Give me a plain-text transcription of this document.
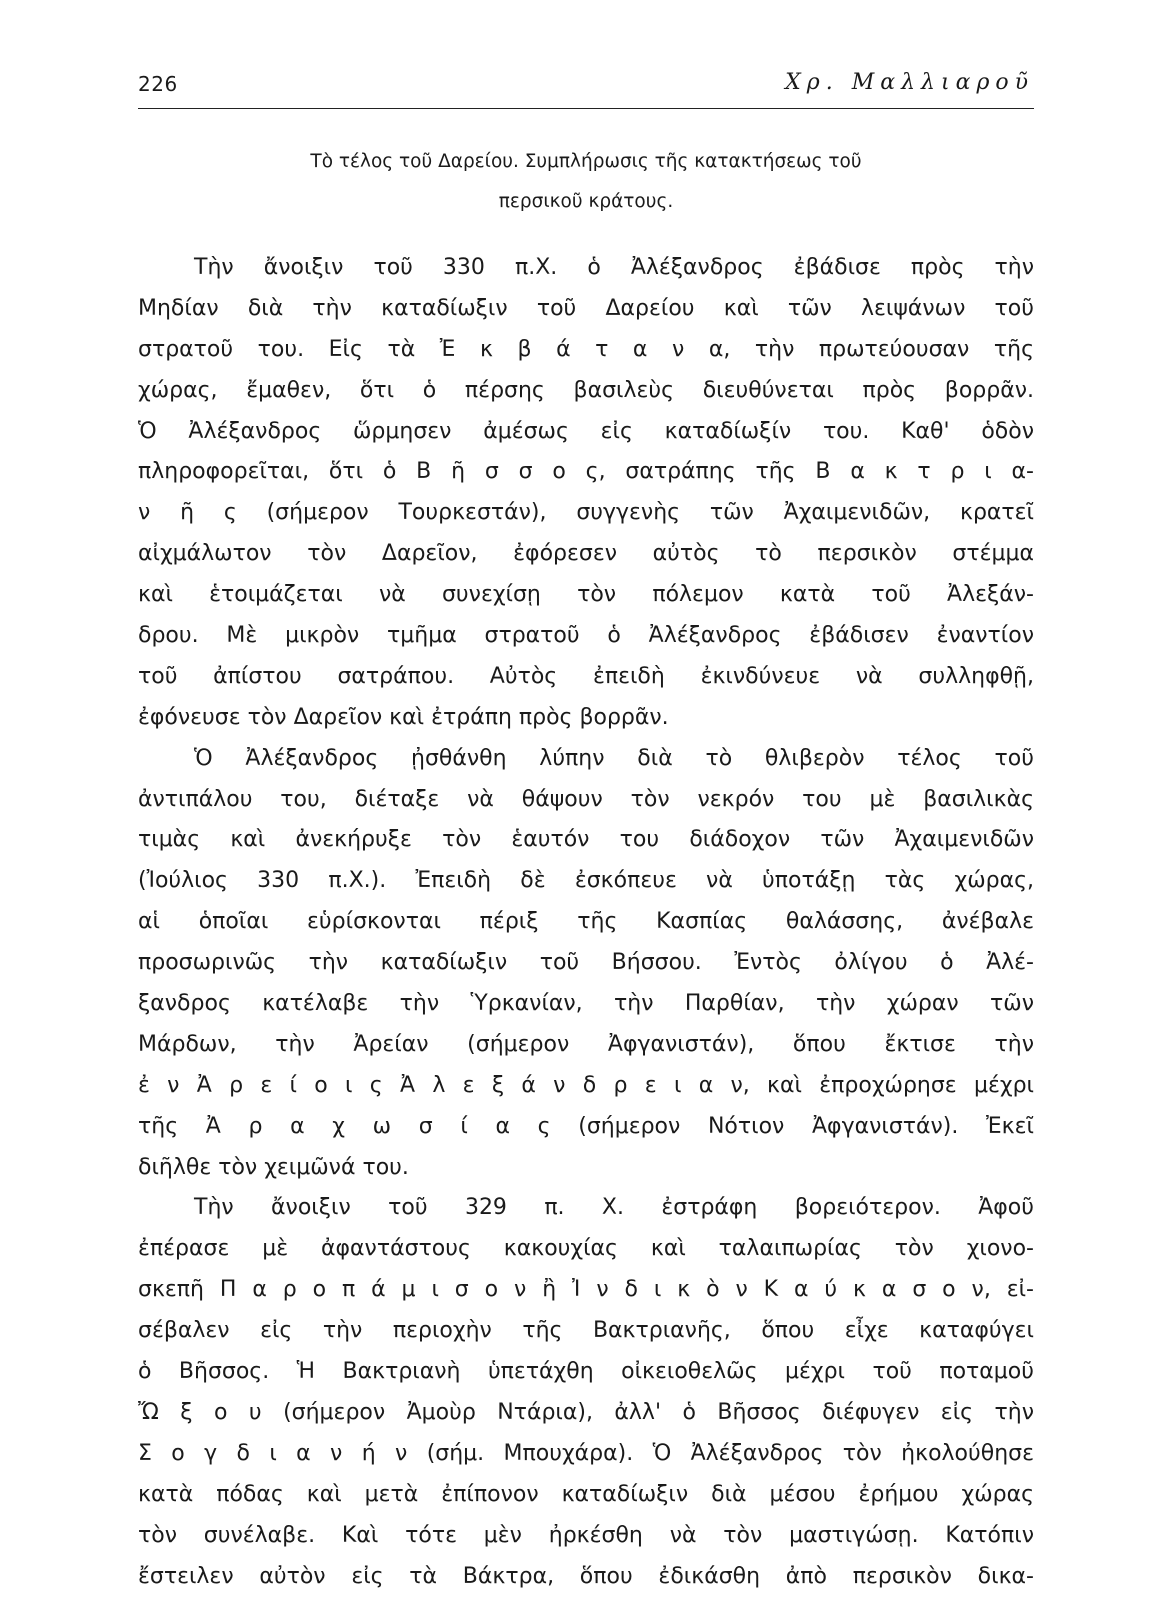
226	Χρ. Μαλλιαροῦ
Τὸ τέλος τοῦ Δαρείου. Συμπλήρωσις τῆς κατακτήσεως τοῦ
περσικοῦ κράτους.
Τὴν ἄνοιξιν τοῦ 330 π.Χ. ὁ Ἀλέξανδρος ἐβάδισε πρὸς τὴν
Μηδίαν διὰ τὴν καταδίωξιν τοῦ Δαρείου καὶ τῶν λειψάνων τοῦ
στρατοῦ του. Εἰς τὰ Ἐ κ β ά τ α ν α, τὴν πρωτεύουσαν τῆς
χώρας, ἔμαθεν, ὅτι ὁ πέρσης βασιλεὺς διευθύνεται πρὸς βορρᾶν.
Ὁ Ἀλέξανδρος ὥρμησεν ἀμέσως εἰς καταδίωξίν του. Καθ' ὁδὸν
πληροφορεῖται, ὅτι ὁ Β ῆ σ σ ο ς, σατράπης τῆς Β α κ τ ρ ι α-
ν ῆ ς (σήμερον Τουρκεστάν), συγγενὴς τῶν Ἀχαιμενιδῶν, κρατεῖ
αἰχμάλωτον τὸν Δαρεῖον, ἐφόρεσεν αὐτὸς τὸ περσικὸν στέμμα
καὶ ἑτοιμάζεται νὰ συνεχίσῃ τὸν πόλεμον κατὰ τοῦ Ἀλεξάν-
δρου. Μὲ μικρὸν τμῆμα στρατοῦ ὁ Ἀλέξανδρος ἐβάδισεν ἐναντίον
τοῦ ἀπίστου σατράπου. Αὐτὸς ἐπειδὴ ἐκινδύνευε νὰ συλληφθῇ,
ἐφόνευσε τὸν Δαρεῖον καὶ ἐτράπη πρὸς βορρᾶν.
Ὁ Ἀλέξανδρος ᾐσθάνθη λύπην διὰ τὸ θλιβερὸν τέλος τοῦ
ἀντιπάλου του, διέταξε νὰ θάψουν τὸν νεκρόν του μὲ βασιλικὰς
τιμὰς καὶ ἀνεκήρυξε τὸν ἑαυτόν του διάδοχον τῶν Ἀχαιμενιδῶν
(Ἰούλιος 330 π.Χ.). Ἐπειδὴ δὲ ἐσκόπευε νὰ ὑποτάξῃ τὰς χώρας,
αἱ ὁποῖαι εὑρίσκονται πέριξ τῆς Κασπίας θαλάσσης, ἀνέβαλε
προσωρινῶς τὴν καταδίωξιν τοῦ Βήσσου. Ἐντὸς ὀλίγου ὁ Ἀλέ-
ξανδρος κατέλαβε τὴν Ὑρκανίαν, τὴν Παρθίαν, τὴν χώραν τῶν
Μάρδων, τὴν Ἀρείαν (σήμερον Ἀφγανιστάν), ὅπου ἔκτισε τὴν
ἐ ν Ἀ ρ ε ί ο ι ς Ἀ λ ε ξ ά ν δ ρ ε ι α ν, καὶ ἐπροχώρησε μέχρι
τῆς Ἀ ρ α χ ω σ ί α ς (σήμερον Νότιον Ἀφγανιστάν). Ἐκεῖ
διῆλθε τὸν χειμῶνά του.
Τὴν ἄνοιξιν τοῦ 329 π. Χ. ἐστράφη βορειότερον. Ἀφοῦ
ἐπέρασε μὲ ἀφαντάστους κακουχίας καὶ ταλαιπωρίας τὸν χιονο-
σκεπῆ Π α ρ ο π ά μ ι σ ο ν ἢ Ἰ ν δ ι κ ὸ ν Κ α ύ κ α σ ο ν, εἰ-
σέβαλεν εἰς τὴν περιοχὴν τῆς Βακτριανῆς, ὅπου εἶχε καταφύγει
ὁ Βῆσσος. Ἡ Βακτριανὴ ὑπετάχθη οἰκειοθελῶς μέχρι τοῦ ποταμοῦ
Ὤ ξ ο υ (σήμερον Ἀμοὺρ Ντάρια), ἀλλ' ὁ Βῆσσος διέφυγεν εἰς τὴν
Σ ο γ δ ι α ν ή ν (σήμ. Μπουχάρα). Ὁ Ἀλέξανδρος τὸν ἠκολούθησε
κατὰ πόδας καὶ μετὰ ἐπίπονον καταδίωξιν διὰ μέσου ἐρήμου χώρας
τὸν συνέλαβε. Καὶ τότε μὲν ἠρκέσθη νὰ τὸν μαστιγώσῃ. Κατόπιν
ἔστειλεν αὐτὸν εἰς τὰ Βάκτρα, ὅπου ἐδικάσθη ἀπὸ περσικὸν δικα-
